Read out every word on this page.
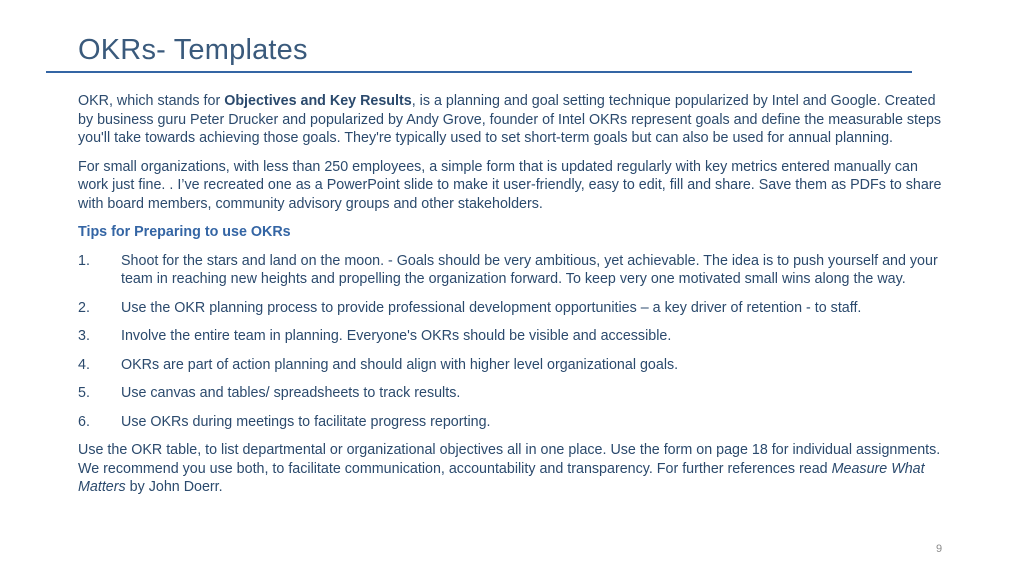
OKRs- Templates

OKR, which stands for Objectives and Key Results, is a planning and goal setting technique popularized by Intel and Google. Created by business guru Peter Drucker and popularized by Andy Grove, founder of Intel OKRs represent goals and define the measurable steps you'll take towards achieving those goals. They're typically used to set short-term goals but can also be used for annual planning.

For small organizations, with less than 250 employees, a simple form that is updated regularly with key metrics entered manually can work just fine. . I’ve recreated one as a PowerPoint slide to make it user-friendly, easy to edit, fill and share. Save them as PDFs to share with board members, community advisory groups and other stakeholders.

Tips for Preparing to use OKRs
1.	Shoot for the stars and land on the moon. - Goals should be very ambitious, yet achievable. The idea is to push yourself and your team in reaching new heights and propelling the organization forward. To keep very one motivated small wins along the way.
2.	Use the OKR planning process to provide professional development opportunities – a key driver of retention - to staff.
3.	Involve the entire team in planning. Everyone's OKRs should be visible and accessible.
4.	OKRs are part of action planning and should align with higher level organizational goals.
5.	Use canvas and tables/ spreadsheets to track results.
6.	Use OKRs during meetings to facilitate progress reporting.

Use the OKR table, to list departmental or organizational objectives all in one place. Use the form on page 18 for individual assignments. We recommend you use both, to facilitate communication, accountability and transparency. For further references read Measure What Matters by John Doerr.

9
